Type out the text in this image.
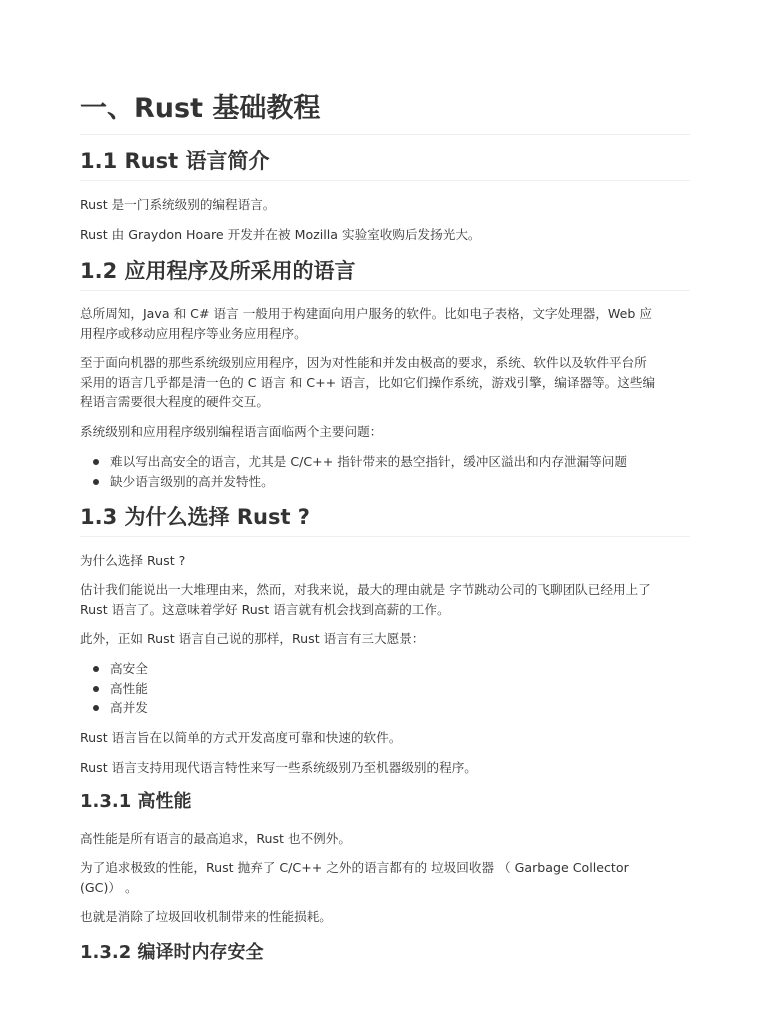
一、Rust 基础教程
1.1 Rust 语言简介

Rust 是一门系统级别的编程语言。

Rust 由 Graydon Hoare 开发并在被 Mozilla 实验室收购后发扬光大。

1.2 应用程序及所采用的语言
总所周知，Java 和 C# 语言 一般用于构建面向用户服务的软件。比如电子表格，文字处理器，Web 应
用程序或移动应用程序等业务应用程序。
至于面向机器的那些系统级别应用程序，因为对性能和并发由极高的要求，系统、软件以及软件平台所
采用的语言几乎都是清一色的 C 语言 和 C++ 语言，比如它们操作系统，游戏引擎，编译器等。这些编
程语言需要很大程度的硬件交互。

系统级别和应用程序级别编程语言面临两个主要问题：

难以写出高安全的语言，尤其是 C/C++ 指针带来的悬空指针，缓冲区溢出和内存泄漏等问题
缺少语言级别的高并发特性。
1.3 为什么选择 Rust ?

为什么选择 Rust ?

估计我们能说出一大堆理由来，然而，对我来说，最大的理由就是 字节跳动公司的飞聊团队已经用上了
Rust 语言了。这意味着学好 Rust 语言就有机会找到高薪的工作。

此外，正如 Rust 语言自己说的那样，Rust 语言有三大愿景：

高安全
高性能
高并发

Rust 语言旨在以简单的方式开发高度可靠和快速的软件。

Rust 语言支持用现代语言特性来写一些系统级别乃至机器级别的程序。

1.3.1 高性能

高性能是所有语言的最高追求，Rust 也不例外。

为了追求极致的性能，Rust 抛弃了 C/C++ 之外的语言都有的 垃圾回收器 （ Garbage Collector
(GC)） 。

也就是消除了垃圾回收机制带来的性能损耗。

1.3.2 编译时内存安全
